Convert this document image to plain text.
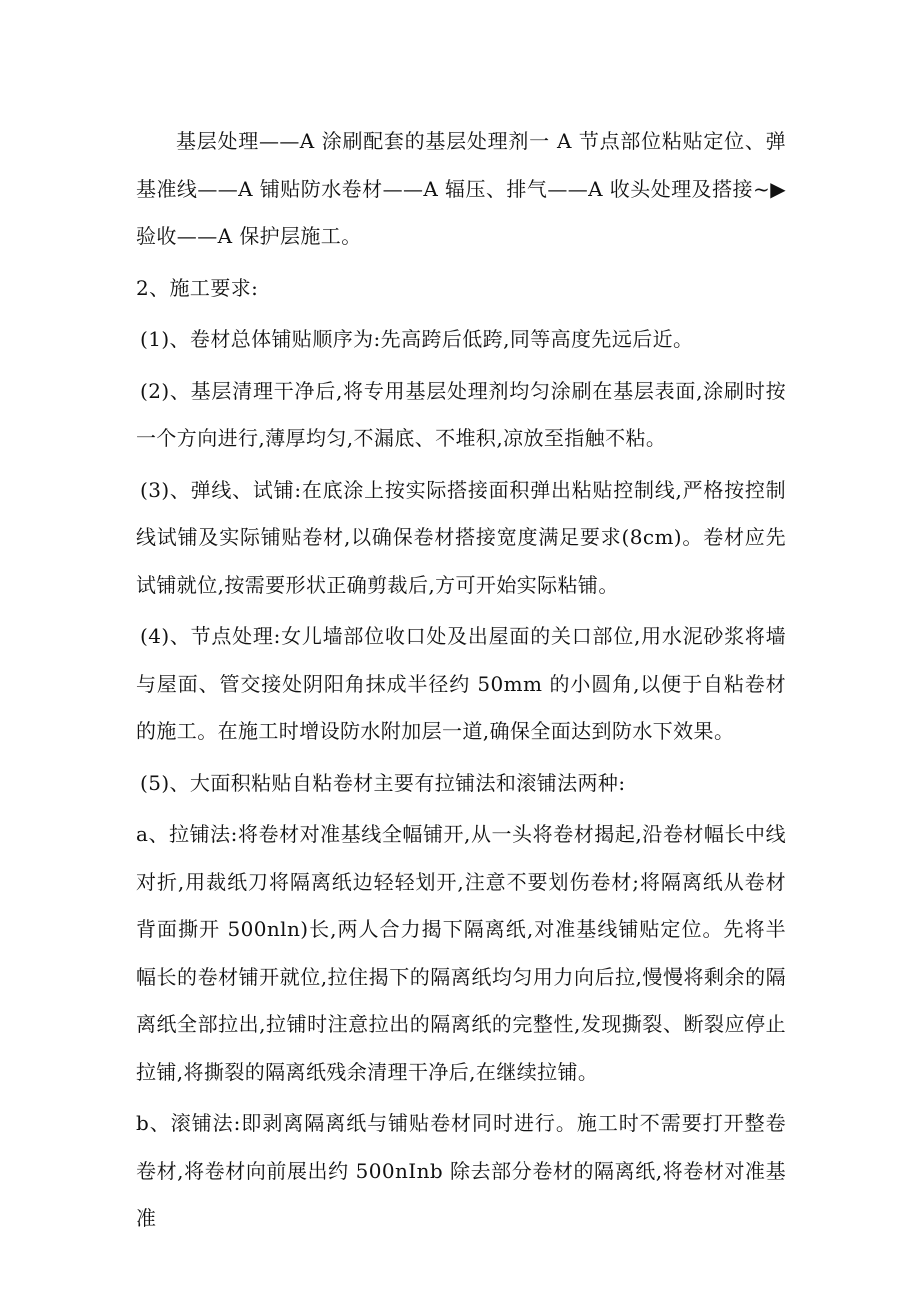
基层处理——A 涂刷配套的基层处理剂一 A 节点部位粘贴定位、弹基准线——A 铺贴防水卷材——A 辐压、排气——A 收头处理及搭接~▶验收——A 保护层施工。

2、施工要求:

(1)、卷材总体铺贴顺序为:先高跨后低跨,同等高度先远后近。

(2)、基层清理干净后,将专用基层处理剂均匀涂刷在基层表面,涂刷时按一个方向进行,薄厚均匀,不漏底、不堆积,凉放至指触不粘。

(3)、弹线、试铺:在底涂上按实际搭接面积弹出粘贴控制线,严格按控制线试铺及实际铺贴卷材,以确保卷材搭接宽度满足要求(8cm)。卷材应先试铺就位,按需要形状正确剪裁后,方可开始实际粘铺。

(4)、节点处理:女儿墙部位收口处及出屋面的关口部位,用水泥砂浆将墙与屋面、管交接处阴阳角抹成半径约 50mm 的小圆角,以便于自粘卷材的施工。在施工时增设防水附加层一道,确保全面达到防水下效果。

(5)、大面积粘贴自粘卷材主要有拉铺法和滚铺法两种:

a、拉铺法:将卷材对准基线全幅铺开,从一头将卷材揭起,沿卷材幅长中线对折,用裁纸刀将隔离纸边轻轻划开,注意不要划伤卷材;将隔离纸从卷材背面撕开 500nln)长,两人合力揭下隔离纸,对准基线铺贴定位。先将半幅长的卷材铺开就位,拉住揭下的隔离纸均匀用力向后拉,慢慢将剩余的隔离纸全部拉出,拉铺时注意拉出的隔离纸的完整性,发现撕裂、断裂应停止拉铺,将撕裂的隔离纸残余清理干净后,在继续拉铺。

b、滚铺法:即剥离隔离纸与铺贴卷材同时进行。施工时不需要打开整卷卷材,将卷材向前展出约 500nInb 除去部分卷材的隔离纸,将卷材对准基准
